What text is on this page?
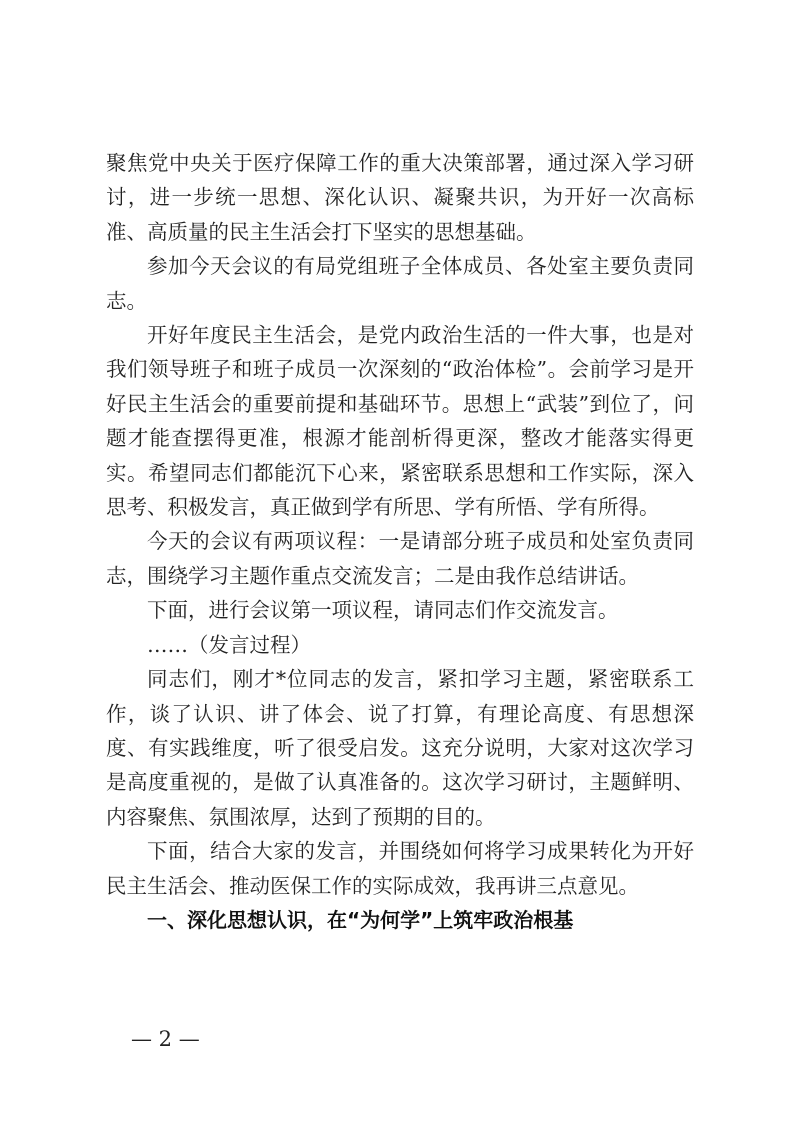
聚焦党中央关于医疗保障工作的重大决策部署，通过深入学习研讨，进一步统一思想、深化认识、凝聚共识，为开好一次高标准、高质量的民主生活会打下坚实的思想基础。

参加今天会议的有局党组班子全体成员、各处室主要负责同志。

开好年度民主生活会，是党内政治生活的一件大事，也是对我们领导班子和班子成员一次深刻的“政治体检”。会前学习是开好民主生活会的重要前提和基础环节。思想上“武装”到位了，问题才能查摆得更准，根源才能剖析得更深，整改才能落实得更实。希望同志们都能沉下心来，紧密联系思想和工作实际，深入思考、积极发言，真正做到学有所思、学有所悟、学有所得。

今天的会议有两项议程：一是请部分班子成员和处室负责同志，围绕学习主题作重点交流发言；二是由我作总结讲话。

下面，进行会议第一项议程，请同志们作交流发言。

……（发言过程）

同志们，刚才*位同志的发言，紧扣学习主题，紧密联系工作，谈了认识、讲了体会、说了打算，有理论高度、有思想深度、有实践维度，听了很受启发。这充分说明，大家对这次学习是高度重视的，是做了认真准备的。这次学习研讨，主题鲜明、内容聚焦、氛围浓厚，达到了预期的目的。

下面，结合大家的发言，并围绕如何将学习成果转化为开好民主生活会、推动医保工作的实际成效，我再讲三点意见。

一、深化思想认识，在“为何学”上筑牢政治根基

— 2 —
